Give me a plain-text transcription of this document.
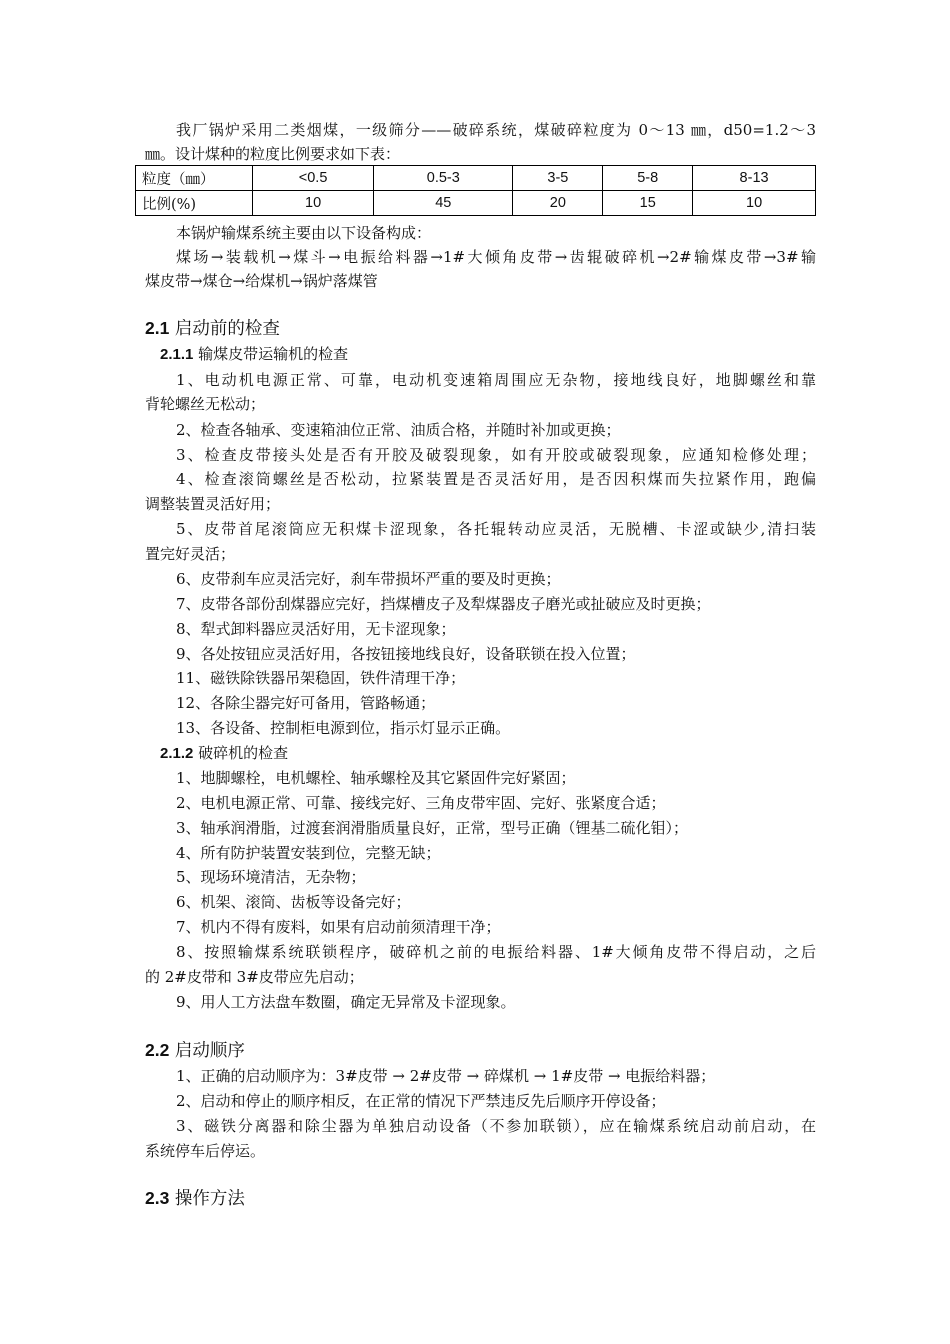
我厂锅炉采用二类烟煤，一级筛分——破碎系统，煤破碎粒度为 0～13 ㎜，d50=1.2～3
㎜。设计煤种的粒度比例要求如下表：
粒度（㎜）	<0.5	0.5-3	3-5	5-8	8-13
比例(%)	10	45	20	15	10
本锅炉输煤系统主要由以下设备构成：
煤场→装载机→煤斗→电振给料器→1#大倾角皮带→齿辊破碎机→2#输煤皮带→3#输
煤皮带→煤仓→给煤机→锅炉落煤管
2.1 启动前的检查
2.1.1 输煤皮带运输机的检查
1、电动机电源正常、可靠，电动机变速箱周围应无杂物，接地线良好，地脚螺丝和靠
背轮螺丝无松动；
2、检查各轴承、变速箱油位正常、油质合格，并随时补加或更换；
3、检查皮带接头处是否有开胶及破裂现象，如有开胶或破裂现象，应通知检修处理；
4、检查滚筒螺丝是否松动，拉紧装置是否灵活好用，是否因积煤而失拉紧作用，跑偏
调整装置灵活好用；
5、皮带首尾滚筒应无积煤卡涩现象，各托辊转动应灵活，无脱槽、卡涩或缺少,清扫装
置完好灵活；
6、皮带刹车应灵活完好，刹车带损坏严重的要及时更换；
7、皮带各部份刮煤器应完好，挡煤槽皮子及犁煤器皮子磨光或扯破应及时更换；
8、犁式卸料器应灵活好用，无卡涩现象；
9、各处按钮应灵活好用，各按钮接地线良好，设备联锁在投入位置；
11、磁铁除铁器吊架稳固，铁件清理干净；
12、各除尘器完好可备用，管路畅通；
13、各设备、控制柜电源到位，指示灯显示正确。
2.1.2 破碎机的检查
1、地脚螺栓，电机螺栓、轴承螺栓及其它紧固件完好紧固；
2、电机电源正常、可靠、接线完好、三角皮带牢固、完好、张紧度合适；
3、轴承润滑脂，过渡套润滑脂质量良好，正常，型号正确（锂基二硫化钼）；
4、所有防护装置安装到位，完整无缺；
5、现场环境清洁，无杂物；
6、机架、滚筒、齿板等设备完好；
7、机内不得有废料，如果有启动前须清理干净；
8、按照输煤系统联锁程序，破碎机之前的电振给料器、1#大倾角皮带不得启动，之后
的 2#皮带和 3#皮带应先启动；
9、用人工方法盘车数圈，确定无异常及卡涩现象。
2.2 启动顺序
1、正确的启动顺序为：3#皮带 → 2#皮带 → 碎煤机 → 1#皮带 → 电振给料器；
2、启动和停止的顺序相反，在正常的情况下严禁违反先后顺序开停设备；
3、磁铁分离器和除尘器为单独启动设备（不参加联锁），应在输煤系统启动前启动，在
系统停车后停运。
2.3 操作方法
